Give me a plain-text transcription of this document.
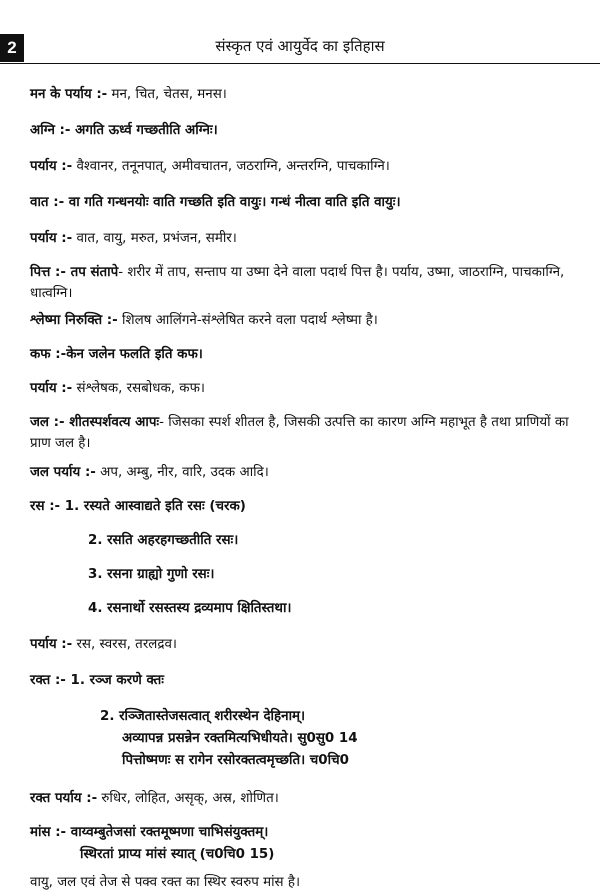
2	संस्कृत एवं आयुर्वेद का इतिहास
मन के पर्याय :- मन, चित, चेतस, मनस।
अग्नि :- अगति ऊर्ध्व गच्छतीति अग्निः।
पर्याय :- वैश्वानर, तनूनपात्, अमीवचातन, जठराग्नि, अन्तरग्नि, पाचकाग्नि।
वात :- वा गति गन्धनयोः वाति गच्छति इति वायुः। गन्धं नीत्वा वाति इति वायुः।
पर्याय :- वात, वायु, मरुत, प्रभंजन, समीर।
पित्त :- तप संतापे- शरीर में ताप, सन्ताप या उष्मा देने वाला पदार्थ पित्त है। पर्याय, उष्मा, जाठराग्नि, पाचकाग्नि, धात्वग्नि।
श्लेष्मा निरुक्ति :- शिलष आलिंगने-संश्लेषित करने वला पदार्थ श्लेष्मा है।
कफ :-केन जलेन फलति इति कफ।
पर्याय :- संश्लेषक, रसबोधक, कफ।
जल :- शीतस्पर्शवत्य आपः- जिसका स्पर्श शीतल है, जिसकी उत्पत्ति का कारण अग्नि महाभूत है तथा प्राणियों का प्राण जल है।
जल पर्याय :- अप, अम्बु, नीर, वारि, उदक आदि।
रस :- 1. रस्यते आस्वाद्यते इति रसः (चरक)
2. रसति अहरहगच्छतीति रसः।
3. रसना ग्राह्यो गुणो रसः।
4. रसनार्थो रसस्तस्य द्रव्यमाप क्षितिस्तथा।
पर्याय :- रस, स्वरस, तरलद्रव।
रक्त :- 1. रञ्ज करणे क्तः
2. रञ्जितास्तेजसत्वात् शरीरस्थेन देहिनाम्।
अव्यापन्न प्रसन्नेन रक्तमित्यभिधीयते। सु0सु0 14
पित्तोष्मणः स रागेन रसोरक्तत्वमृच्छति। च0चि0
रक्त पर्याय :- रुधिर, लोहित, असृक्, अस्र, शोणित।
मांस :- वाय्वम्बुतेजसां रक्तमूष्मणा चाभिसंयुक्तम्।
स्थिरतां प्राप्य मांसं स्यात् (च0चि0 15)
वायु, जल एवं तेज से पक्व रक्त का स्थिर स्वरुप मांस है।
